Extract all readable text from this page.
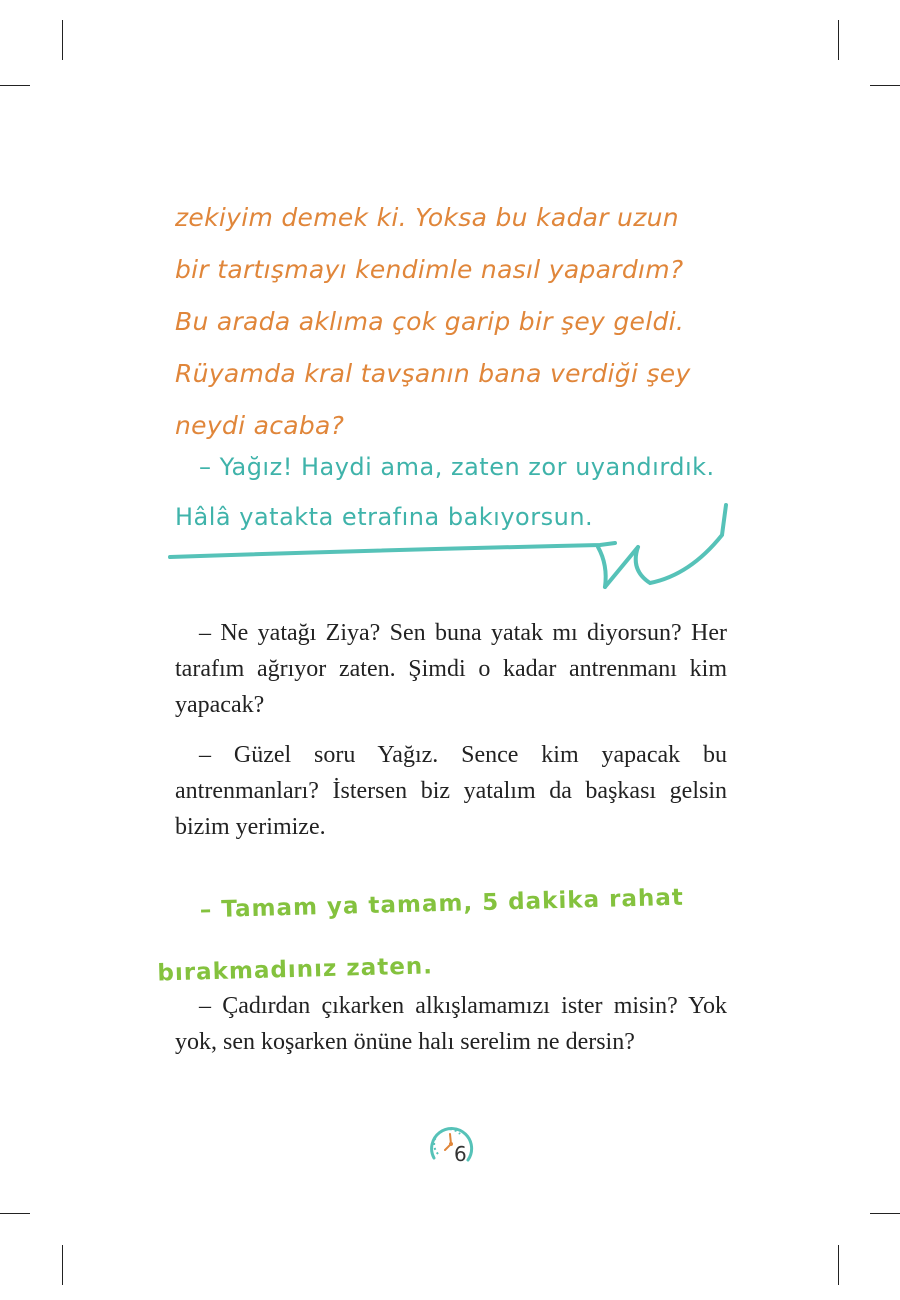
zekiyim demek ki. Yoksa bu kadar uzun

bir tartışmayı kendimle nasıl yapardım?

Bu arada aklıma çok garip bir şey geldi.

Rüyamda kral tavşanın bana verdiği şey

neydi acaba?

– Yağız! Haydi ama, zaten zor uyandırdık.

Hâlâ yatakta etrafına bakıyorsun.

– Ne yatağı Ziya? Sen buna yatak mı diyorsun? Her tarafım ağrıyor zaten. Şimdi o kadar antrenmanı kim yapacak?

– Güzel soru Yağız. Sence kim yapacak bu antrenmanları? İstersen biz yatalım da başkası gelsin bizim yerimize.

– Tamam ya tamam, 5 dakika rahat

bırakmadınız zaten.

– Çadırdan çıkarken alkışlamamızı ister misin? Yok yok, sen koşarken önüne halı serelim ne dersin?

6
